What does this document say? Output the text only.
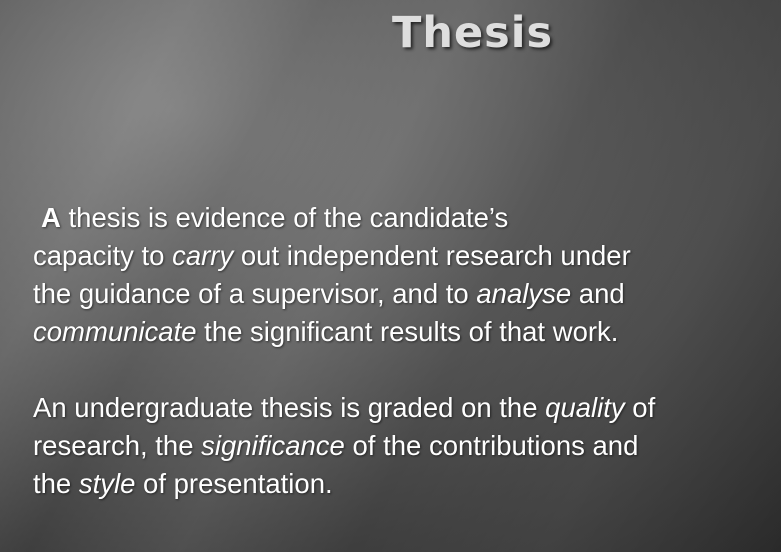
Thesis

A thesis is evidence of the candidate’s
capacity to carry out independent research under
the guidance of a supervisor, and to analyse and
communicate the significant results of that work.

An undergraduate thesis is graded on the quality of
research, the significance of the contributions and
the style of presentation.
